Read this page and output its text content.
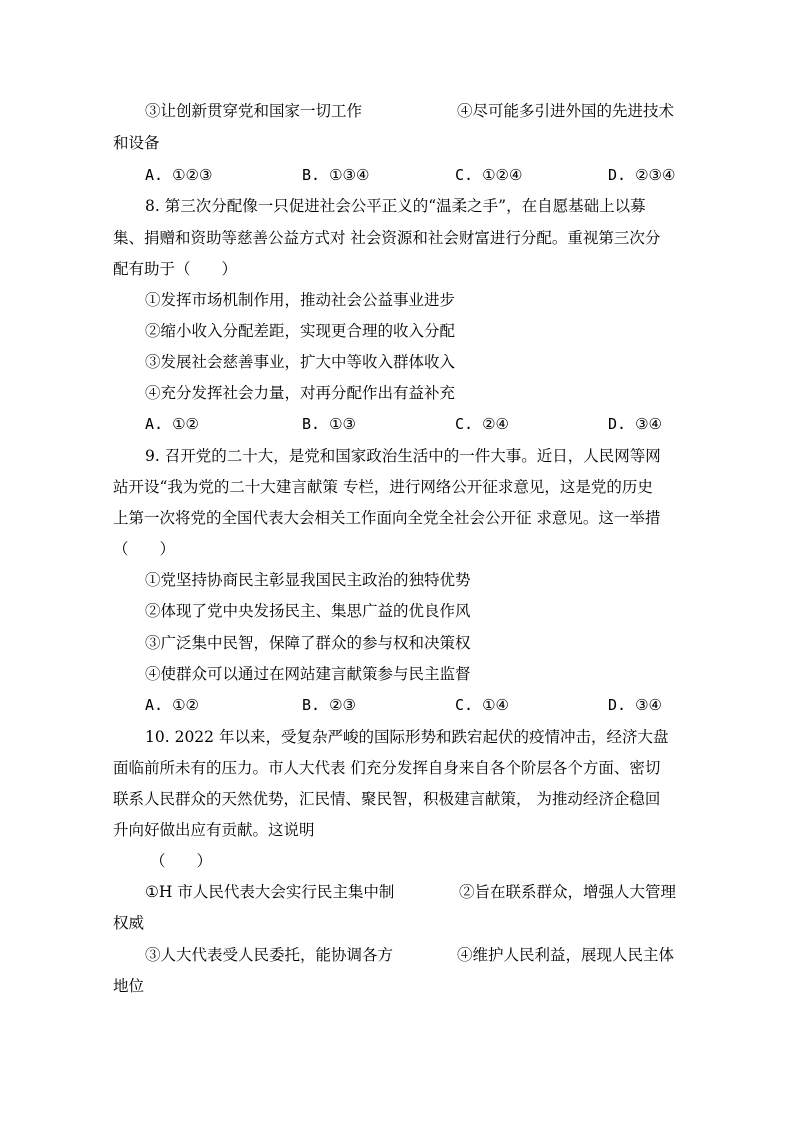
③让创新贯穿党和国家一切工作	④尽可能多引进外国的先进技术
和设备
A. ①②③	B. ①③④	C. ①②④	D. ②③④
8. 第三次分配像一只促进社会公平正义的“温柔之手”，在自愿基础上以募
集、捐赠和资助等慈善公益方式对 社会资源和社会财富进行分配。重视第三次分
配有助于（　　）
①发挥市场机制作用，推动社会公益事业进步
②缩小收入分配差距，实现更合理的收入分配
③发展社会慈善事业，扩大中等收入群体收入
④充分发挥社会力量，对再分配作出有益补充
A. ①②	B. ①③	C. ②④	D. ③④
9. 召开党的二十大，是党和国家政治生活中的一件大事。近日，人民网等网
站开设“我为党的二十大建言献策 专栏，进行网络公开征求意见，这是党的历史
上第一次将党的全国代表大会相关工作面向全党全社会公开征 求意见。这一举措
（　　）
①党坚持协商民主彰显我国民主政治的独特优势
②体现了党中央发扬民主、集思广益的优良作风
③广泛集中民智，保障了群众的参与权和决策权
④使群众可以通过在网站建言献策参与民主监督
A. ①②	B. ②③	C. ①④	D. ③④
10. 2022 年以来，受复杂严峻的国际形势和跌宕起伏的疫情冲击，经济大盘
面临前所未有的压力。市人大代表 们充分发挥自身来自各个阶层各个方面、密切
联系人民群众的天然优势，汇民情、聚民智，积极建言献策， 为推动经济企稳回
升向好做出应有贡献。这说明
（　　）
①H 市人民代表大会实行民主集中制	②旨在联系群众，增强人大管理
权威
③人大代表受人民委托，能协调各方	④维护人民利益，展现人民主体
地位
